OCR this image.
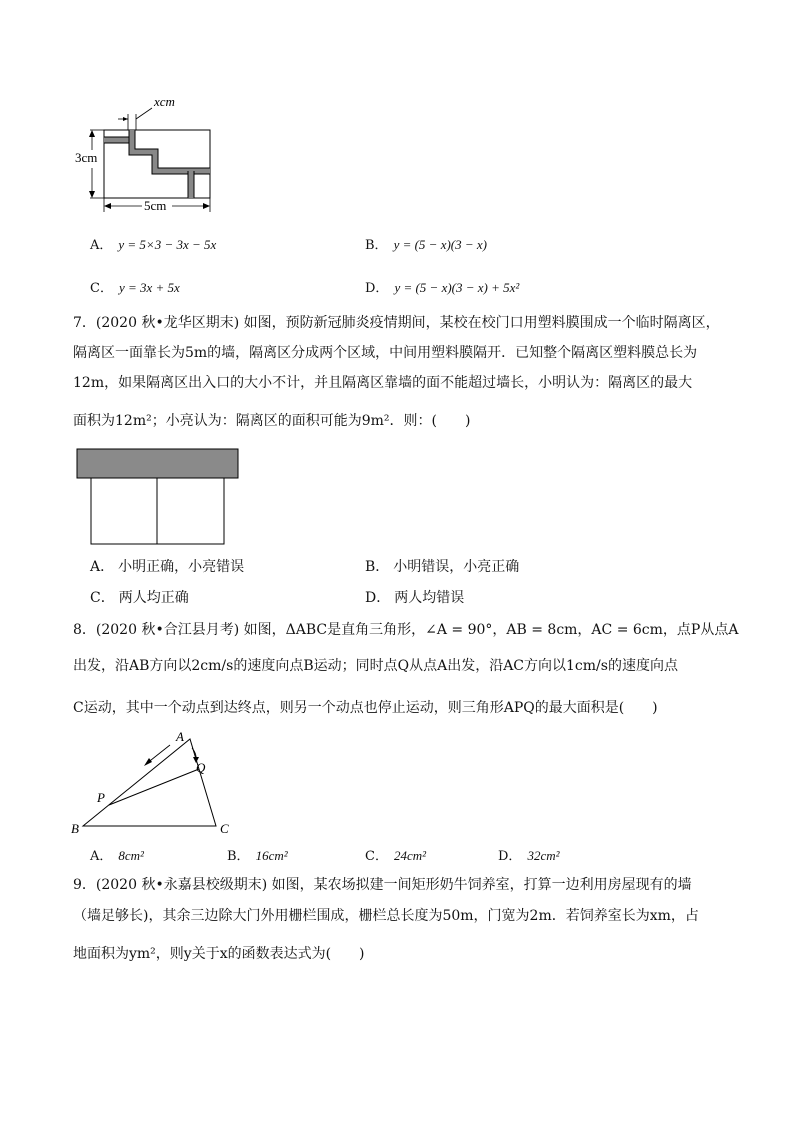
xcm
3cm
5cm
A． y = 5×3 − 3x − 5x	B． y = (5 − x)(3 − x)
C． y = 3x + 5x	D． y = (5 − x)(3 − x) + 5x²
7．(2020 秋•龙华区期末) 如图，预防新冠肺炎疫情期间，某校在校门口用塑料膜围成一个临时隔离区，
隔离区一面靠长为5m的墙，隔离区分成两个区域，中间用塑料膜隔开．已知整个隔离区塑料膜总长为
12m，如果隔离区出入口的大小不计，并且隔离区靠墙的面不能超过墙长，小明认为：隔离区的最大
面积为12m²；小亮认为：隔离区的面积可能为9m²．则：(　　)
A． 小明正确，小亮错误	B． 小明错误，小亮正确
C． 两人均正确	D． 两人均错误
8．(2020 秋•合江县月考) 如图，ΔABC是直角三角形，∠A = 90°，AB = 8cm，AC = 6cm，点P从点A
出发，沿AB方向以2cm/s的速度向点B运动；同时点Q从点A出发，沿AC方向以1cm/s的速度向点
C运动，其中一个动点到达终点，则另一个动点也停止运动，则三角形APQ的最大面积是(　　)
A
B	C
P
Q
A． 8cm²	B． 16cm²	C． 24cm²	D． 32cm²
9．(2020 秋•永嘉县校级期末) 如图，某农场拟建一间矩形奶牛饲养室，打算一边利用房屋现有的墙
（墙足够长)，其余三边除大门外用栅栏围成，栅栏总长度为50m，门宽为2m．若饲养室长为xm，占
地面积为ym²，则y关于x的函数表达式为(　　)
